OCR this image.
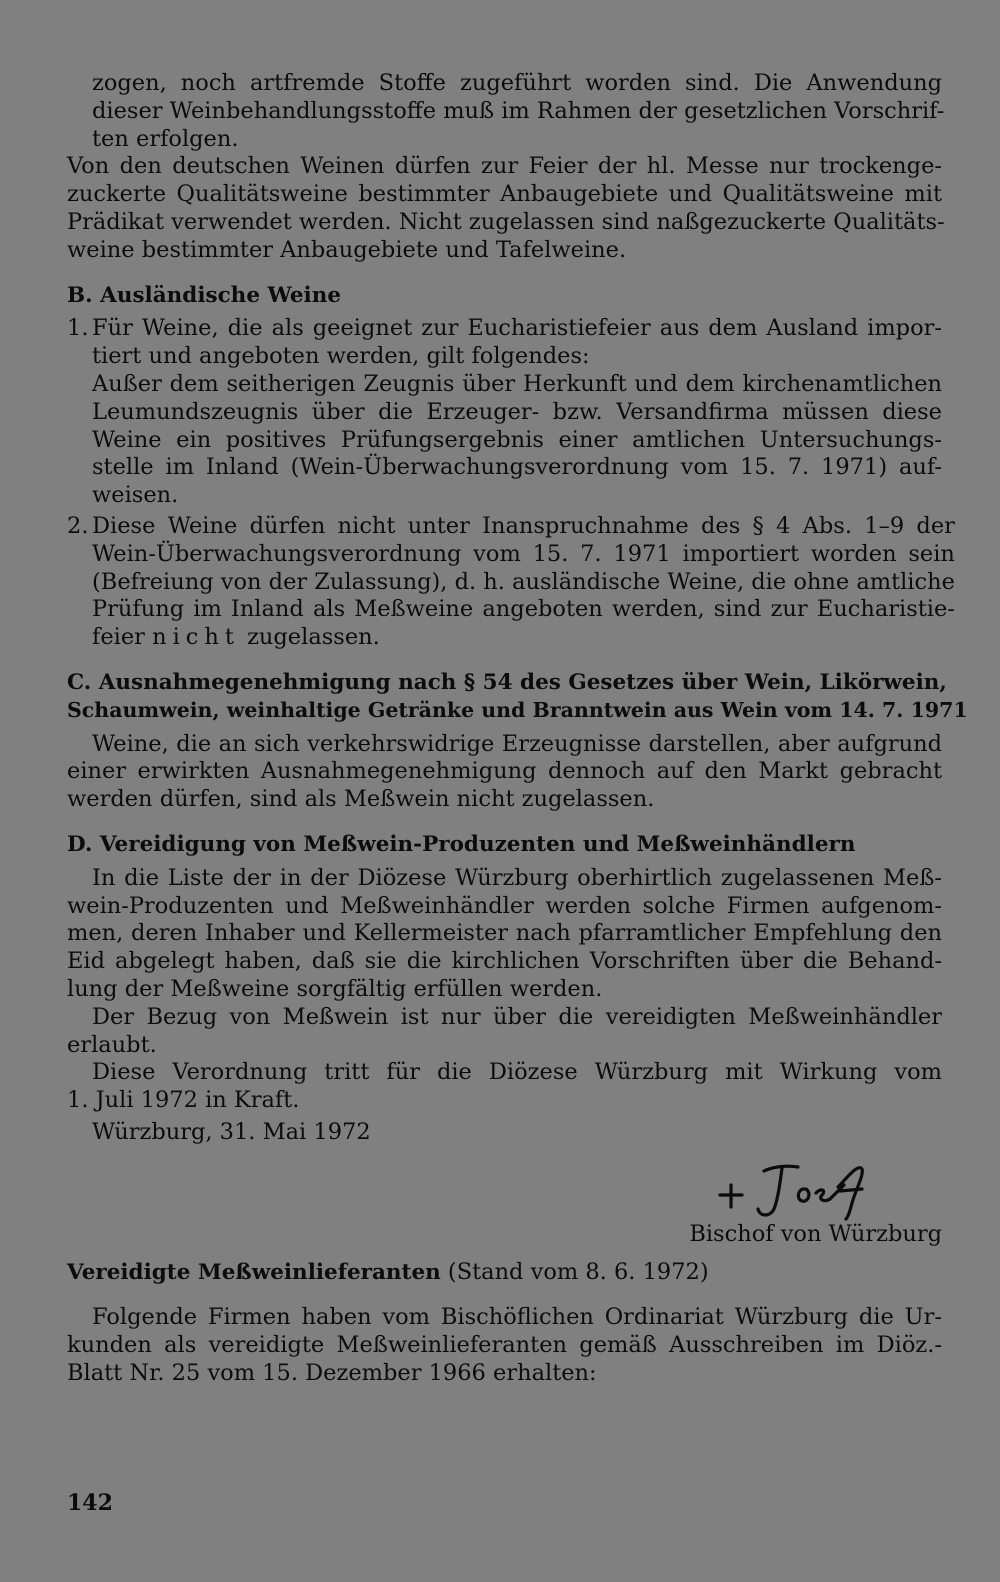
zogen, noch artfremde Stoffe zugeführt worden sind. Die Anwendung
dieser Weinbehandlungsstoffe muß im Rahmen der gesetzlichen Vorschrif-
ten erfolgen.
Von den deutschen Weinen dürfen zur Feier der hl. Messe nur trockenge-
zuckerte Qualitätsweine bestimmter Anbaugebiete und Qualitätsweine mit
Prädikat verwendet werden. Nicht zugelassen sind naßgezuckerte Qualitäts-
weine bestimmter Anbaugebiete und Tafelweine.
B. Ausländische Weine
1. Für Weine, die als geeignet zur Eucharistiefeier aus dem Ausland impor-
tiert und angeboten werden, gilt folgendes:
Außer dem seitherigen Zeugnis über Herkunft und dem kirchenamtlichen
Leumundszeugnis über die Erzeuger- bzw. Versandfirma müssen diese
Weine ein positives Prüfungsergebnis einer amtlichen Untersuchungs-
stelle im Inland (Wein-Überwachungsverordnung vom 15. 7. 1971) auf-
weisen.
2. Diese Weine dürfen nicht unter Inanspruchnahme des § 4 Abs. 1–9 der
Wein-Überwachungsverordnung vom 15. 7. 1971 importiert worden sein
(Befreiung von der Zulassung), d. h. ausländische Weine, die ohne amtliche
Prüfung im Inland als Meßweine angeboten werden, sind zur Eucharistie-
feier nicht zugelassen.
C. Ausnahmegenehmigung nach § 54 des Gesetzes über Wein, Likörwein,
Schaumwein, weinhaltige Getränke und Branntwein aus Wein vom 14. 7. 1971
Weine, die an sich verkehrswidrige Erzeugnisse darstellen, aber aufgrund
einer erwirkten Ausnahmegenehmigung dennoch auf den Markt gebracht
werden dürfen, sind als Meßwein nicht zugelassen.
D. Vereidigung von Meßwein-Produzenten und Meßweinhändlern
In die Liste der in der Diözese Würzburg oberhirtlich zugelassenen Meß-
wein-Produzenten und Meßweinhändler werden solche Firmen aufgenom-
men, deren Inhaber und Kellermeister nach pfarramtlicher Empfehlung den
Eid abgelegt haben, daß sie die kirchlichen Vorschriften über die Behand-
lung der Meßweine sorgfältig erfüllen werden.
Der Bezug von Meßwein ist nur über die vereidigten Meßweinhändler
erlaubt.
Diese Verordnung tritt für die Diözese Würzburg mit Wirkung vom
1. Juli 1972 in Kraft.
Würzburg, 31. Mai 1972
Bischof von Würzburg
Vereidigte Meßweinlieferanten (Stand vom 8. 6. 1972)
Folgende Firmen haben vom Bischöflichen Ordinariat Würzburg die Ur-
kunden als vereidigte Meßweinlieferanten gemäß Ausschreiben im Diöz.-
Blatt Nr. 25 vom 15. Dezember 1966 erhalten:
142
